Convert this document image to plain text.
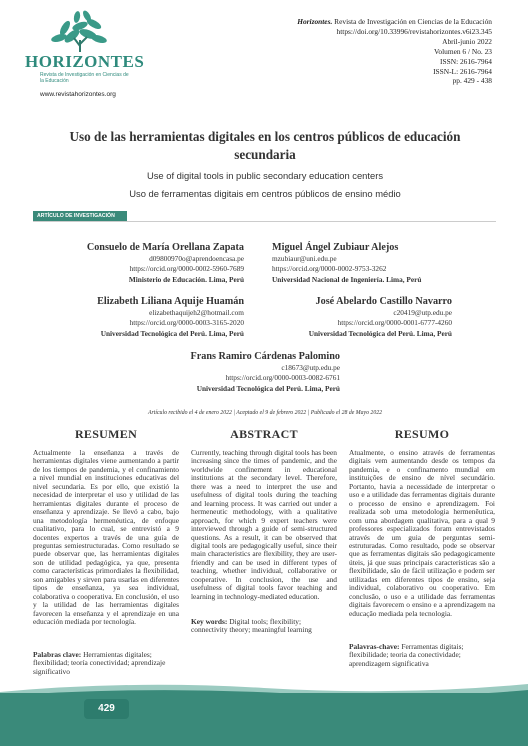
HORIZONTES
Revista de Investigación en Ciencias de la Educación
www.revistahorizontes.org
Horizontes. Revista de Investigación en Ciencias de la Educación
https://doi.org/10.33996/revistahorizontes.v6i23.345
Abril-junio 2022
Volumen 6 / No. 23
ISSN: 2616-7964
ISSN-L: 2616-7964
pp. 429 - 438
Uso de las herramientas digitales en los centros públicos de educación
secundaria
Use of digital tools in public secondary education centers
Uso de ferramentas digitais em centros públicos de ensino médio
ARTÍCULO DE INVESTIGACIÓN
Consuelo de María Orellana Zapata
d09800970o@aprendoencasa.pe
https://orcid.org/0000-0002-5960-7689
Ministerio de Educación. Lima, Perú
Miguel Ángel Zubiaur Alejos
mzubiaur@uni.edu.pe
https://orcid.org/0000-0002-9753-3262
Universidad Nacional de Ingeniería. Lima, Perú
Elizabeth Liliana Aquije Huamán
elizabethaquijeh2@hotmail.com
https://orcid.org/0000-0003-3165-2020
Universidad Tecnológica del Perú. Lima, Perú
José Abelardo Castillo Navarro
c20419@utp.edu.pe
https://orcid.org/0000-0001-6777-4260
Universidad Tecnológica del Perú. Lima, Perú
Frans Ramiro Cárdenas Palomino
c18673@utp.edu.pe
https://orcid.org/0000-0003-0082-6761
Universidad Tecnológica del Perú. Lima, Perú
Artículo recibido el 4 de enero 2022 | Aceptado el 9 de febrero 2022 | Publicado el 28 de Mayo 2022
RESUMEN
Actualmente la enseñanza a través de herramientas digitales viene aumentando a partir de los tiempos de pandemia, y el confinamiento a nivel mundial en instituciones educativas del nivel secundaria. Es por ello, que existió la necesidad de interpretar el uso y utilidad de las herramientas digitales durante el proceso de enseñanza y aprendizaje. Se llevó a cabo, bajo una metodología hermenéutica, de enfoque cualitativo, para lo cual, se entrevistó a 9 docentes expertos a través de una guía de preguntas semiestructuradas. Como resultado se puede observar que, las herramientas digitales son de utilidad pedagógica, ya que, presenta como características primordiales la flexibilidad, son amigables y sirven para usarlas en diferentes tipos de enseñanza, ya sea individual, colaborativa o cooperativa. En conclusión, el uso y la utilidad de las herramientas digitales favorecen la enseñanza y el aprendizaje en una educación mediada por tecnología.
Palabras clave: Herramientas digitales; flexibilidad; teoría conectividad; aprendizaje significativo
ABSTRACT
Currently, teaching through digital tools has been increasing since the times of pandemic, and the worldwide confinement in educational institutions at the secondary level. Therefore, there was a need to interpret the use and usefulness of digital tools during the teaching and learning process. It was carried out under a hermeneutic methodology, with a qualitative approach, for which 9 expert teachers were interviewed through a guide of semi-structured questions. As a result, it can be observed that digital tools are pedagogically useful, since their main characteristics are flexibility, they are user-friendly and can be used in different types of teaching, whether individual, collaborative or cooperative. In conclusion, the use and usefulness of digital tools favor teaching and learning in technology-mediated education.
Key words: Digital tools; flexibility; connectivity theory; meaningful learning
RESUMO
Atualmente, o ensino através de ferramentas digitais vem aumentando desde os tempos da pandemia, e o confinamento mundial em instituições de ensino de nível secundário. Portanto, havia a necessidade de interpretar o uso e a utilidade das ferramentas digitais durante o processo de ensino e aprendizagem. Foi realizada sob uma metodologia hermenêutica, com uma abordagem qualitativa, para a qual 9 professores especializados foram entrevistados através de um guia de perguntas semi-estruturadas. Como resultado, pode se observar que as ferramentas digitais são pedagogicamente úteis, já que suas principais características são a flexibilidade, são de fácil utilização e podem ser utilizadas em diferentes tipos de ensino, seja individual, colaborativo ou cooperativo. Em conclusão, o uso e a utilidade das ferramentas digitais favorecem o ensino e a aprendizagem na educação mediada pela tecnologia.
Palavras-chave: Ferramentas digitais; flexibilidade; teoria da conectividade; aprendizagem significativa
429
